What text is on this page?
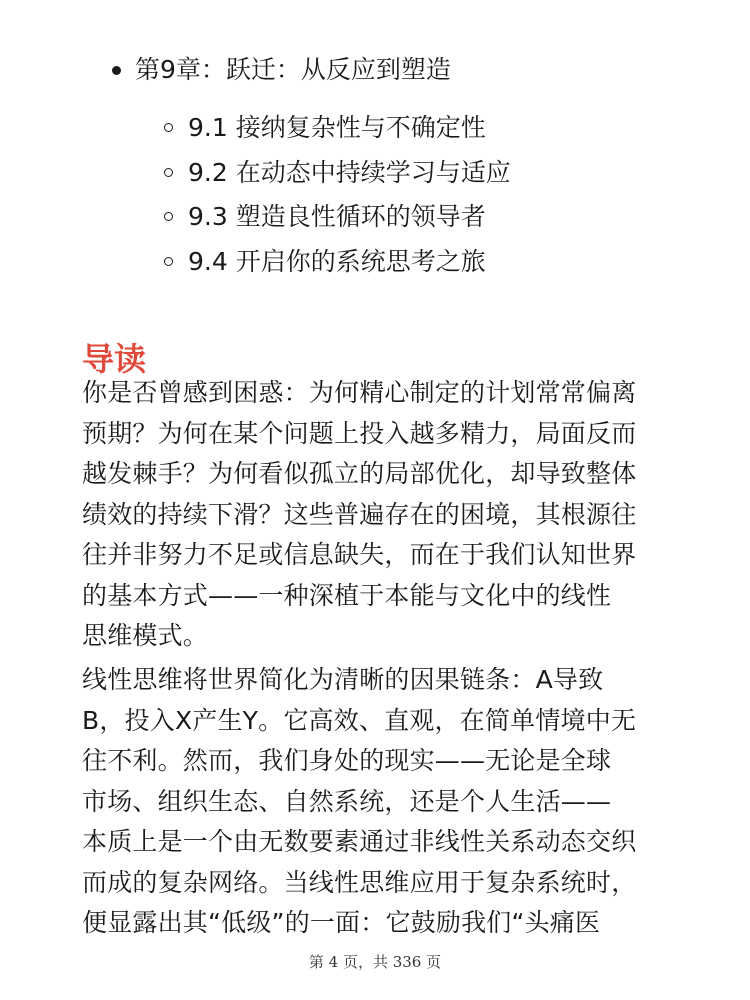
第9章：跃迁：从反应到塑造
9.1 接纳复杂性与不确定性
9.2 在动态中持续学习与适应
9.3 塑造良性循环的领导者
9.4 开启你的系统思考之旅
导读

你是否曾感到困惑：为何精心制定的计划常常偏离
预期？为何在某个问题上投入越多精力，局面反而
越发棘手？为何看似孤立的局部优化，却导致整体
绩效的持续下滑？这些普遍存在的困境，其根源往
往并非努力不足或信息缺失，而在于我们认知世界
的基本方式——一种深植于本能与文化中的线性
思维模式。

线性思维将世界简化为清晰的因果链条：A导致
B，投入X产生Y。它高效、直观，在简单情境中无
往不利。然而，我们身处的现实——无论是全球
市场、组织生态、自然系统，还是个人生活——
本质上是一个由无数要素通过非线性关系动态交织
而成的复杂网络。当线性思维应用于复杂系统时，
便显露出其“低级”的一面：它鼓励我们“头痛医

第 4 页，共 336 页
